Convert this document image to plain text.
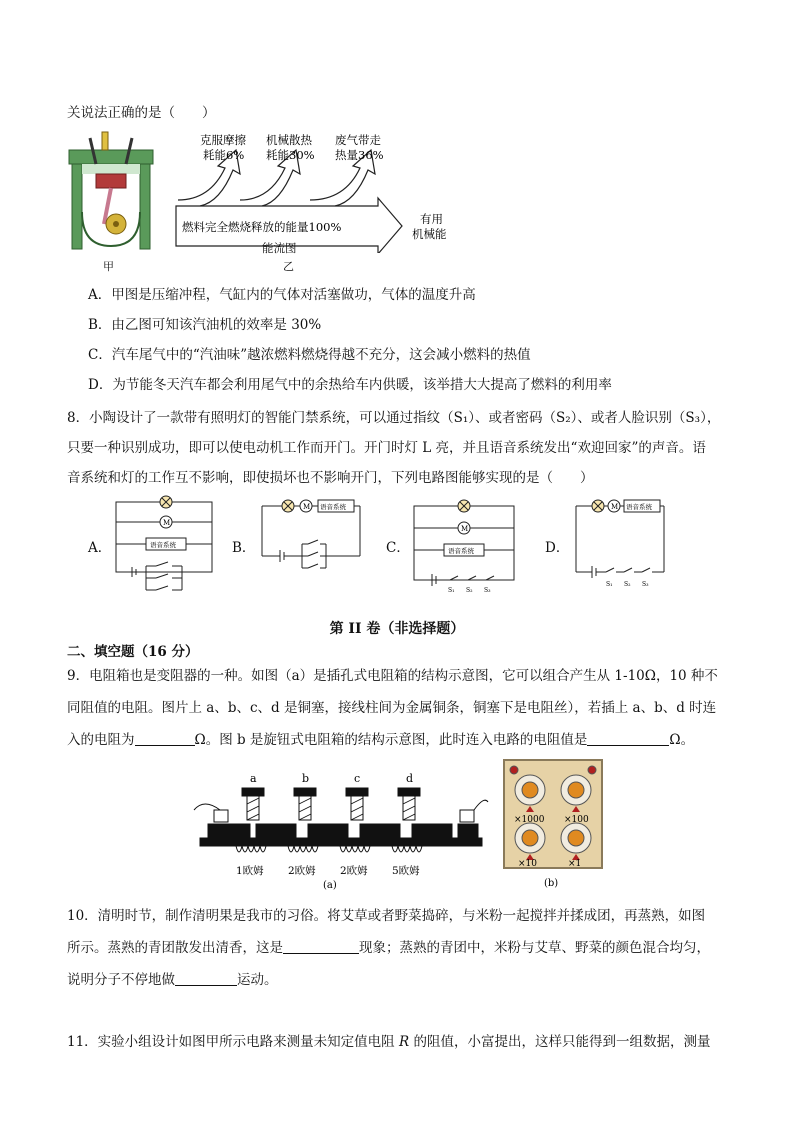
关说法正确的是（　　）
甲
克服摩擦
耗能6%
机械散热
耗能30%
废气带走
热量36%
燃料完全燃烧释放的能量100%
有用
机械能
能流图
乙
A．甲图是压缩冲程，气缸内的气体对活塞做功，气体的温度升高
B．由乙图可知该汽油机的效率是 30%
C．汽车尾气中的“汽油味”越浓燃料燃烧得越不充分，这会减小燃料的热值
D．为节能冬天汽车都会利用尾气中的余热给车内供暖，该举措大大提高了燃料的利用率
8．小陶设计了一款带有照明灯的智能门禁系统，可以通过指纹（S₁）、或者密码（S₂）、或者人脸识别（S₃），
只要一种识别成功，即可以使电动机工作而开门。开门时灯 L 亮，并且语音系统发出“欢迎回家”的声音。语
音系统和灯的工作互不影响，即使损坏也不影响开门，下列电路图能够实现的是（　　）
A．
M
语音系统	B．
M 语音系统
C．
M
语音系统
S₁ S₂ S₃
D．
M 语音系统
S₁ S₂ S₃
第 II 卷（非选择题）
二、填空题（16 分）
9．电阻箱也是变阻器的一种。如图（a）是插孔式电阻箱的结构示意图，它可以组合产生从 1-10Ω，10 种不
同阻值的电阻。图片上 a、b、c、d 是铜塞，接线柱间为金属铜条，铜塞下是电阻丝），若插上 a、b、d 时连
入的电阻为	Ω。图 b 是旋钮式电阻箱的结构示意图，此时连入电路的电阻值是	Ω。
a	b	c	d
1欧姆 2欧姆 2欧姆 5欧姆
(a)
×1000 ×100
×10	×1
(b)
10．清明时节，制作清明果是我市的习俗。将艾草或者野菜捣碎，与米粉一起搅拌并揉成团，再蒸熟，如图
所示。蒸熟的青团散发出清香，这是	现象；蒸熟的青团中，米粉与艾草、野菜的颜色混合均匀，
说明分子不停地做	运动。
11．实验小组设计如图甲所示电路来测量未知定值电阻 R 的阻值，小富提出，这样只能得到一组数据，测量
